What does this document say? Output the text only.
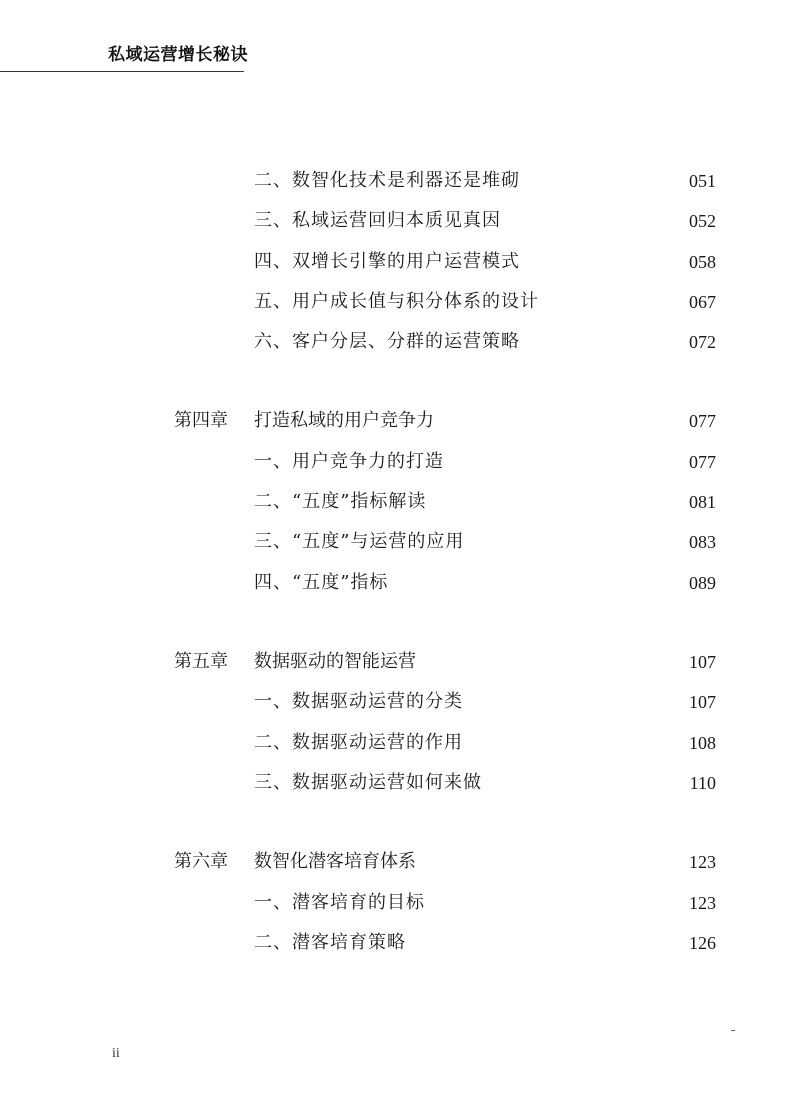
私域运营增长秘诀
二、数智化技术是利器还是堆砌	051
三、私域运营回归本质见真因	052
四、双增长引擎的用户运营模式	058
五、用户成长值与积分体系的设计	067
六、客户分层、分群的运营策略	072
第四章 打造私域的用户竞争力	077
一、用户竞争力的打造	077
二、“五度”指标解读	081
三、“五度”与运营的应用	083
四、“五度”指标	089
第五章 数据驱动的智能运营	107
一、数据驱动运营的分类	107
二、数据驱动运营的作用	108
三、数据驱动运营如何来做	110
第六章 数智化潜客培育体系	123
一、潜客培育的目标	123
二、潜客培育策略	126
ii
